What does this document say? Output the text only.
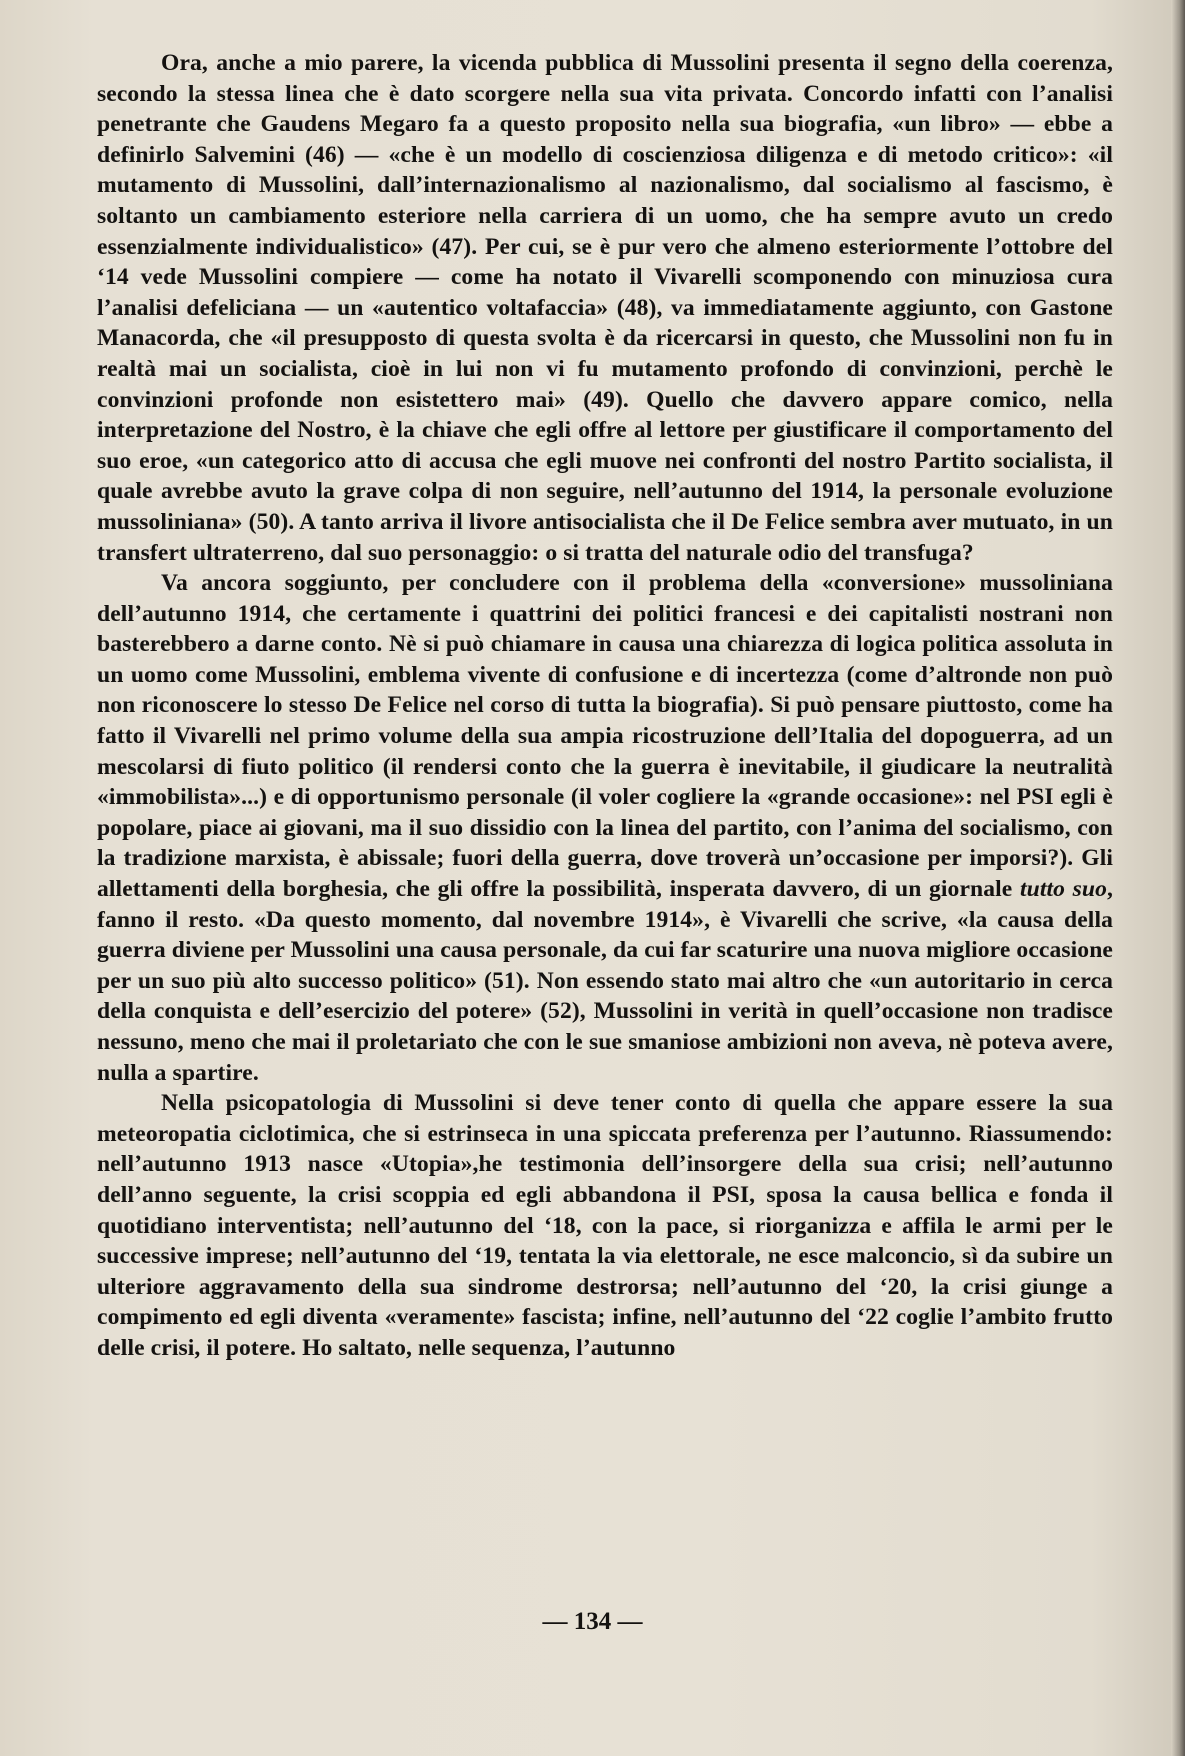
Ora, anche a mio parere, la vicenda pubblica di Mussolini presenta il segno della coerenza, secondo la stessa linea che è dato scorgere nella sua vita privata. Concordo infatti con l’analisi penetrante che Gaudens Megaro fa a questo proposito nella sua biografia, «un libro» — ebbe a definirlo Salvemini (46) — «che è un modello di coscienziosa diligenza e di metodo critico»: «il mutamento di Mussolini, dall’internazionalismo al nazionalismo, dal socialismo al fascismo, è soltanto un cambiamento esteriore nella carriera di un uomo, che ha sempre avuto un credo essenzialmente individualistico» (47). Per cui, se è pur vero che almeno esteriormente l’ottobre del ‘14 vede Mussolini compiere — come ha notato il Vivarelli scomponendo con minuziosa cura l’analisi defeliciana — un «autentico voltafaccia» (48), va immediatamente aggiunto, con Gastone Manacorda, che «il presupposto di questa svolta è da ricercarsi in questo, che Mussolini non fu in realtà mai un socialista, cioè in lui non vi fu mutamento profondo di convinzioni, perchè le convinzioni profonde non esistettero mai» (49). Quello che davvero appare comico, nella interpretazione del Nostro, è la chiave che egli offre al lettore per giustificare il comportamento del suo eroe, «un categorico atto di accusa che egli muove nei confronti del nostro Partito socialista, il quale avrebbe avuto la grave colpa di non seguire, nell’autunno del 1914, la personale evoluzione mussoliniana» (50). A tanto arriva il livore antisocialista che il De Felice sembra aver mutuato, in un transfert ultraterreno, dal suo personaggio: o si tratta del naturale odio del transfuga?

Va ancora soggiunto, per concludere con il problema della «conversione» mussoliniana dell’autunno 1914, che certamente i quattrini dei politici francesi e dei capitalisti nostrani non basterebbero a darne conto. Nè si può chiamare in causa una chiarezza di logica politica assoluta in un uomo come Mussolini, emblema vivente di confusione e di incertezza (come d’altronde non può non riconoscere lo stesso De Felice nel corso di tutta la biografia). Si può pensare piuttosto, come ha fatto il Vivarelli nel primo volume della sua ampia ricostruzione dell’Italia del dopoguerra, ad un mescolarsi di fiuto politico (il rendersi conto che la guerra è inevitabile, il giudicare la neutralità «immobilista»...) e di opportunismo personale (il voler cogliere la «grande occasione»: nel PSI egli è popolare, piace ai giovani, ma il suo dissidio con la linea del partito, con l’anima del socialismo, con la tradizione marxista, è abissale; fuori della guerra, dove troverà un’occasione per imporsi?). Gli allettamenti della borghesia, che gli offre la possibilità, insperata davvero, di un giornale tutto suo, fanno il resto. «Da questo momento, dal novembre 1914», è Vivarelli che scrive, «la causa della guerra diviene per Mussolini una causa personale, da cui far scaturire una nuova migliore occasione per un suo più alto successo politico» (51). Non essendo stato mai altro che «un autoritario in cerca della conquista e dell’esercizio del potere» (52), Mussolini in verità in quell’occasione non tradisce nessuno, meno che mai il proletariato che con le sue smaniose ambizioni non aveva, nè poteva avere, nulla a spartire.

Nella psicopatologia di Mussolini si deve tener conto di quella che appare essere la sua meteoropatia ciclotimica, che si estrinseca in una spiccata preferenza per l’autunno. Riassumendo: nell’autunno 1913 nasce «Utopia»,he testimonia dell’insorgere della sua crisi; nell’autunno dell’anno seguente, la crisi scoppia ed egli abbandona il PSI, sposa la causa bellica e fonda il quotidiano interventista; nell’autunno del ‘18, con la pace, si riorganizza e affila le armi per le successive imprese; nell’autunno del ‘19, tentata la via elettorale, ne esce malconcio, sì da subire un ulteriore aggravamento della sua sindrome destrorsa; nell’autunno del ‘20, la crisi giunge a compimento ed egli diventa «veramente» fascista; infine, nell’autunno del ‘22 coglie l’ambito frutto delle crisi, il potere. Ho saltato, nelle sequenza, l’autunno

— 134 —
